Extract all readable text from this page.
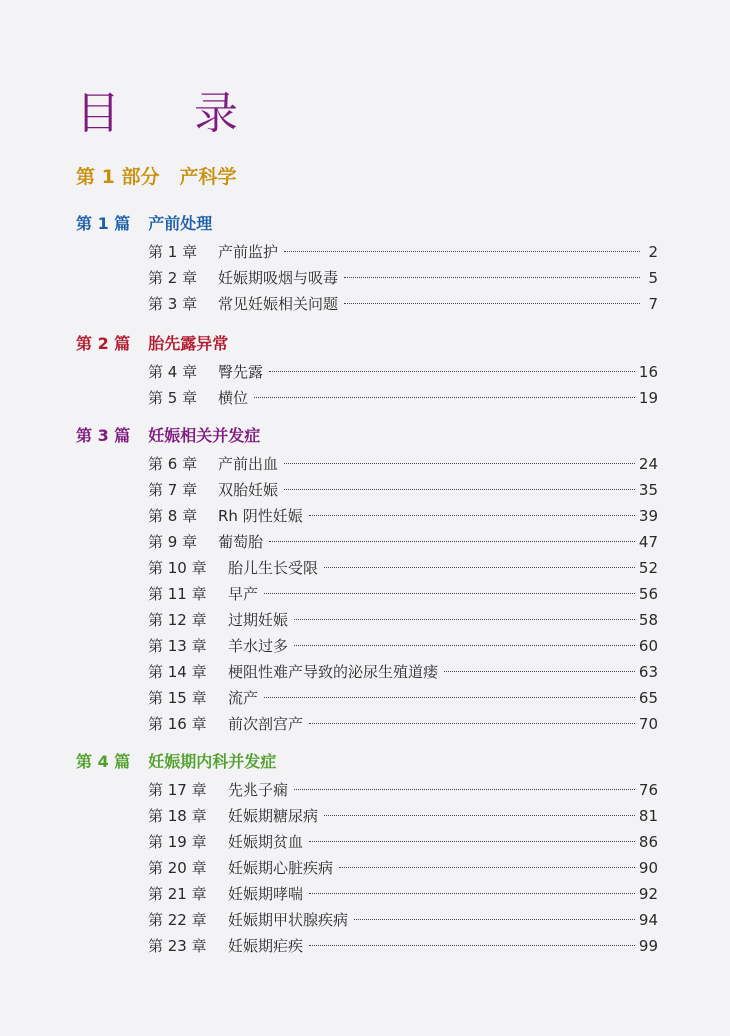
目 录
第 1 部分 产科学
第 1 篇 产前处理
第 1 章	产前监护	2
第 2 章	妊娠期吸烟与吸毒	5
第 3 章	常见妊娠相关问题	7
第 2 篇 胎先露异常
第 4 章	臀先露	16
第 5 章	横位	19
第 3 篇 妊娠相关并发症
第 6 章	产前出血	24
第 7 章	双胎妊娠	35
第 8 章	Rh 阴性妊娠	39
第 9 章	葡萄胎	47
第 10 章	胎儿生长受限	52
第 11 章	早产	56
第 12 章	过期妊娠	58
第 13 章	羊水过多	60
第 14 章	梗阻性难产导致的泌尿生殖道瘘	63
第 15 章	流产	65
第 16 章	前次剖宫产	70
第 4 篇 妊娠期内科并发症
第 17 章	先兆子痫	76
第 18 章	妊娠期糖尿病	81
第 19 章	妊娠期贫血	86
第 20 章	妊娠期心脏疾病	90
第 21 章	妊娠期哮喘	92
第 22 章	妊娠期甲状腺疾病	94
第 23 章	妊娠期疟疾	99
